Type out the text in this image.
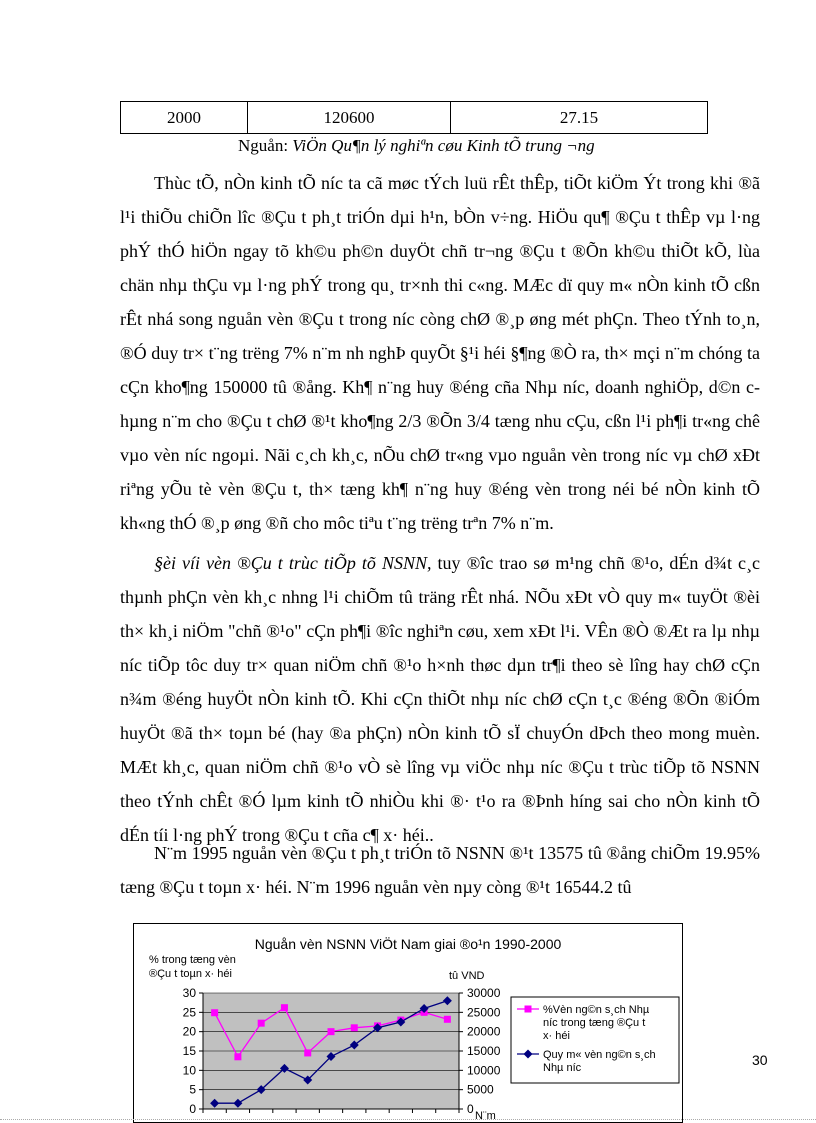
2000	120600	27.15
Nguån: ViÖn Qu¶n lý nghiªn cøu Kinh tÕ trung ¬ng

Thùc tÕ, nÒn kinh tÕ níc ta cã møc tÝch luü rÊt thÊp, tiÕt kiÖm Ýt trong khi ®ã l¹i thiÕu chiÕn lîc ®Çu t ph¸t triÓn dµi h¹n, bÒn v÷ng. HiÖu qu¶ ®Çu t thÊp vµ l·ng phÝ thÓ hiÖn ngay tõ kh©u ph©n duyÖt chñ tr¬ng ®Çu t ®Õn kh©u thiÕt kÕ, lùa chän nhµ thÇu vµ l·ng phÝ trong qu¸ tr×nh thi c«ng. MÆc dï quy m« nÒn kinh tÕ cßn rÊt nhá song nguån vèn ®Çu t trong níc còng chØ ®¸p øng mét phÇn. Theo tÝnh to¸n, ®Ó duy tr× t¨ng trëng 7% n¨m nh nghÞ quyÕt §¹i héi §¶ng ®Ò ra, th× mçi n¨m chóng ta cÇn kho¶ng 150000 tû ®ång. Kh¶ n¨ng huy ®éng cña Nhµ níc, doanh nghiÖp, d©n c hµng n¨m cho ®Çu t chØ ®¹t kho¶ng 2/3 ®Õn 3/4 tæng nhu cÇu, cßn l¹i ph¶i tr«ng chê vµo vèn níc ngoµi. Nãi c¸ch kh¸c, nÕu chØ tr«ng vµo nguån vèn trong níc vµ chØ xÐt riªng yÕu tè vèn ®Çu t, th× tæng kh¶ n¨ng huy ®éng vèn trong néi bé nÒn kinh tÕ kh«ng thÓ ®¸p øng ®ñ cho môc tiªu t¨ng trëng trªn 7% n¨m.

§èi víi vèn ®Çu t trùc tiÕp tõ NSNN, tuy ®îc trao sø m¹ng chñ ®¹o, dÉn d¾t c¸c thµnh phÇn vèn kh¸c nhng l¹i chiÕm tû träng rÊt nhá. NÕu xÐt vÒ quy m« tuyÖt ®èi th× kh¸i niÖm "chñ ®¹o" cÇn ph¶i ®îc nghiªn cøu, xem xÐt l¹i. VÊn ®Ò ®Æt ra lµ nhµ níc tiÕp tôc duy tr× quan niÖm chñ ®¹o h×nh thøc dµn tr¶i theo sè lîng hay chØ cÇn n¾m ®éng huyÖt nÒn kinh tÕ. Khi cÇn thiÕt nhµ níc chØ cÇn t¸c ®éng ®Õn ®iÓm huyÖt ®ã th× toµn bé (hay ®a phÇn) nÒn kinh tÕ sÏ chuyÓn dÞch theo mong muèn. MÆt kh¸c, quan niÖm chñ ®¹o vÒ sè lîng vµ viÖc nhµ níc ®Çu t trùc tiÕp tõ NSNN theo tÝnh chÊt ®Ó lµm kinh tÕ nhiÒu khi ®· t¹o ra ®Þnh híng sai cho nÒn kinh tÕ dÉn tíi l·ng phÝ trong ®Çu t cña c¶ x· héi..

N¨m 1995 nguån vèn ®Çu t ph¸t triÓn tõ NSNN ®¹t 13575 tû ®ång chiÕm 19.95% tæng ®Çu t toµn x· héi. N¨m 1996 nguån vèn nµy còng ®¹t 16544.2 tû

Nguån vèn NSNN ViÖt Nam giai ®o¹n 1990-2000
% trong tæng vèn
®Çu t toµn x· héi	tû VND
N¨m
0
5
10
15
20
25
30
0
5000
10000
15000
20000
25000
30000
%Vèn ng©n s¸ch Nhµ
níc trong tæng ®Çu t
x· héi
Quy m« vèn ng©n s¸ch
Nhµ níc	30
